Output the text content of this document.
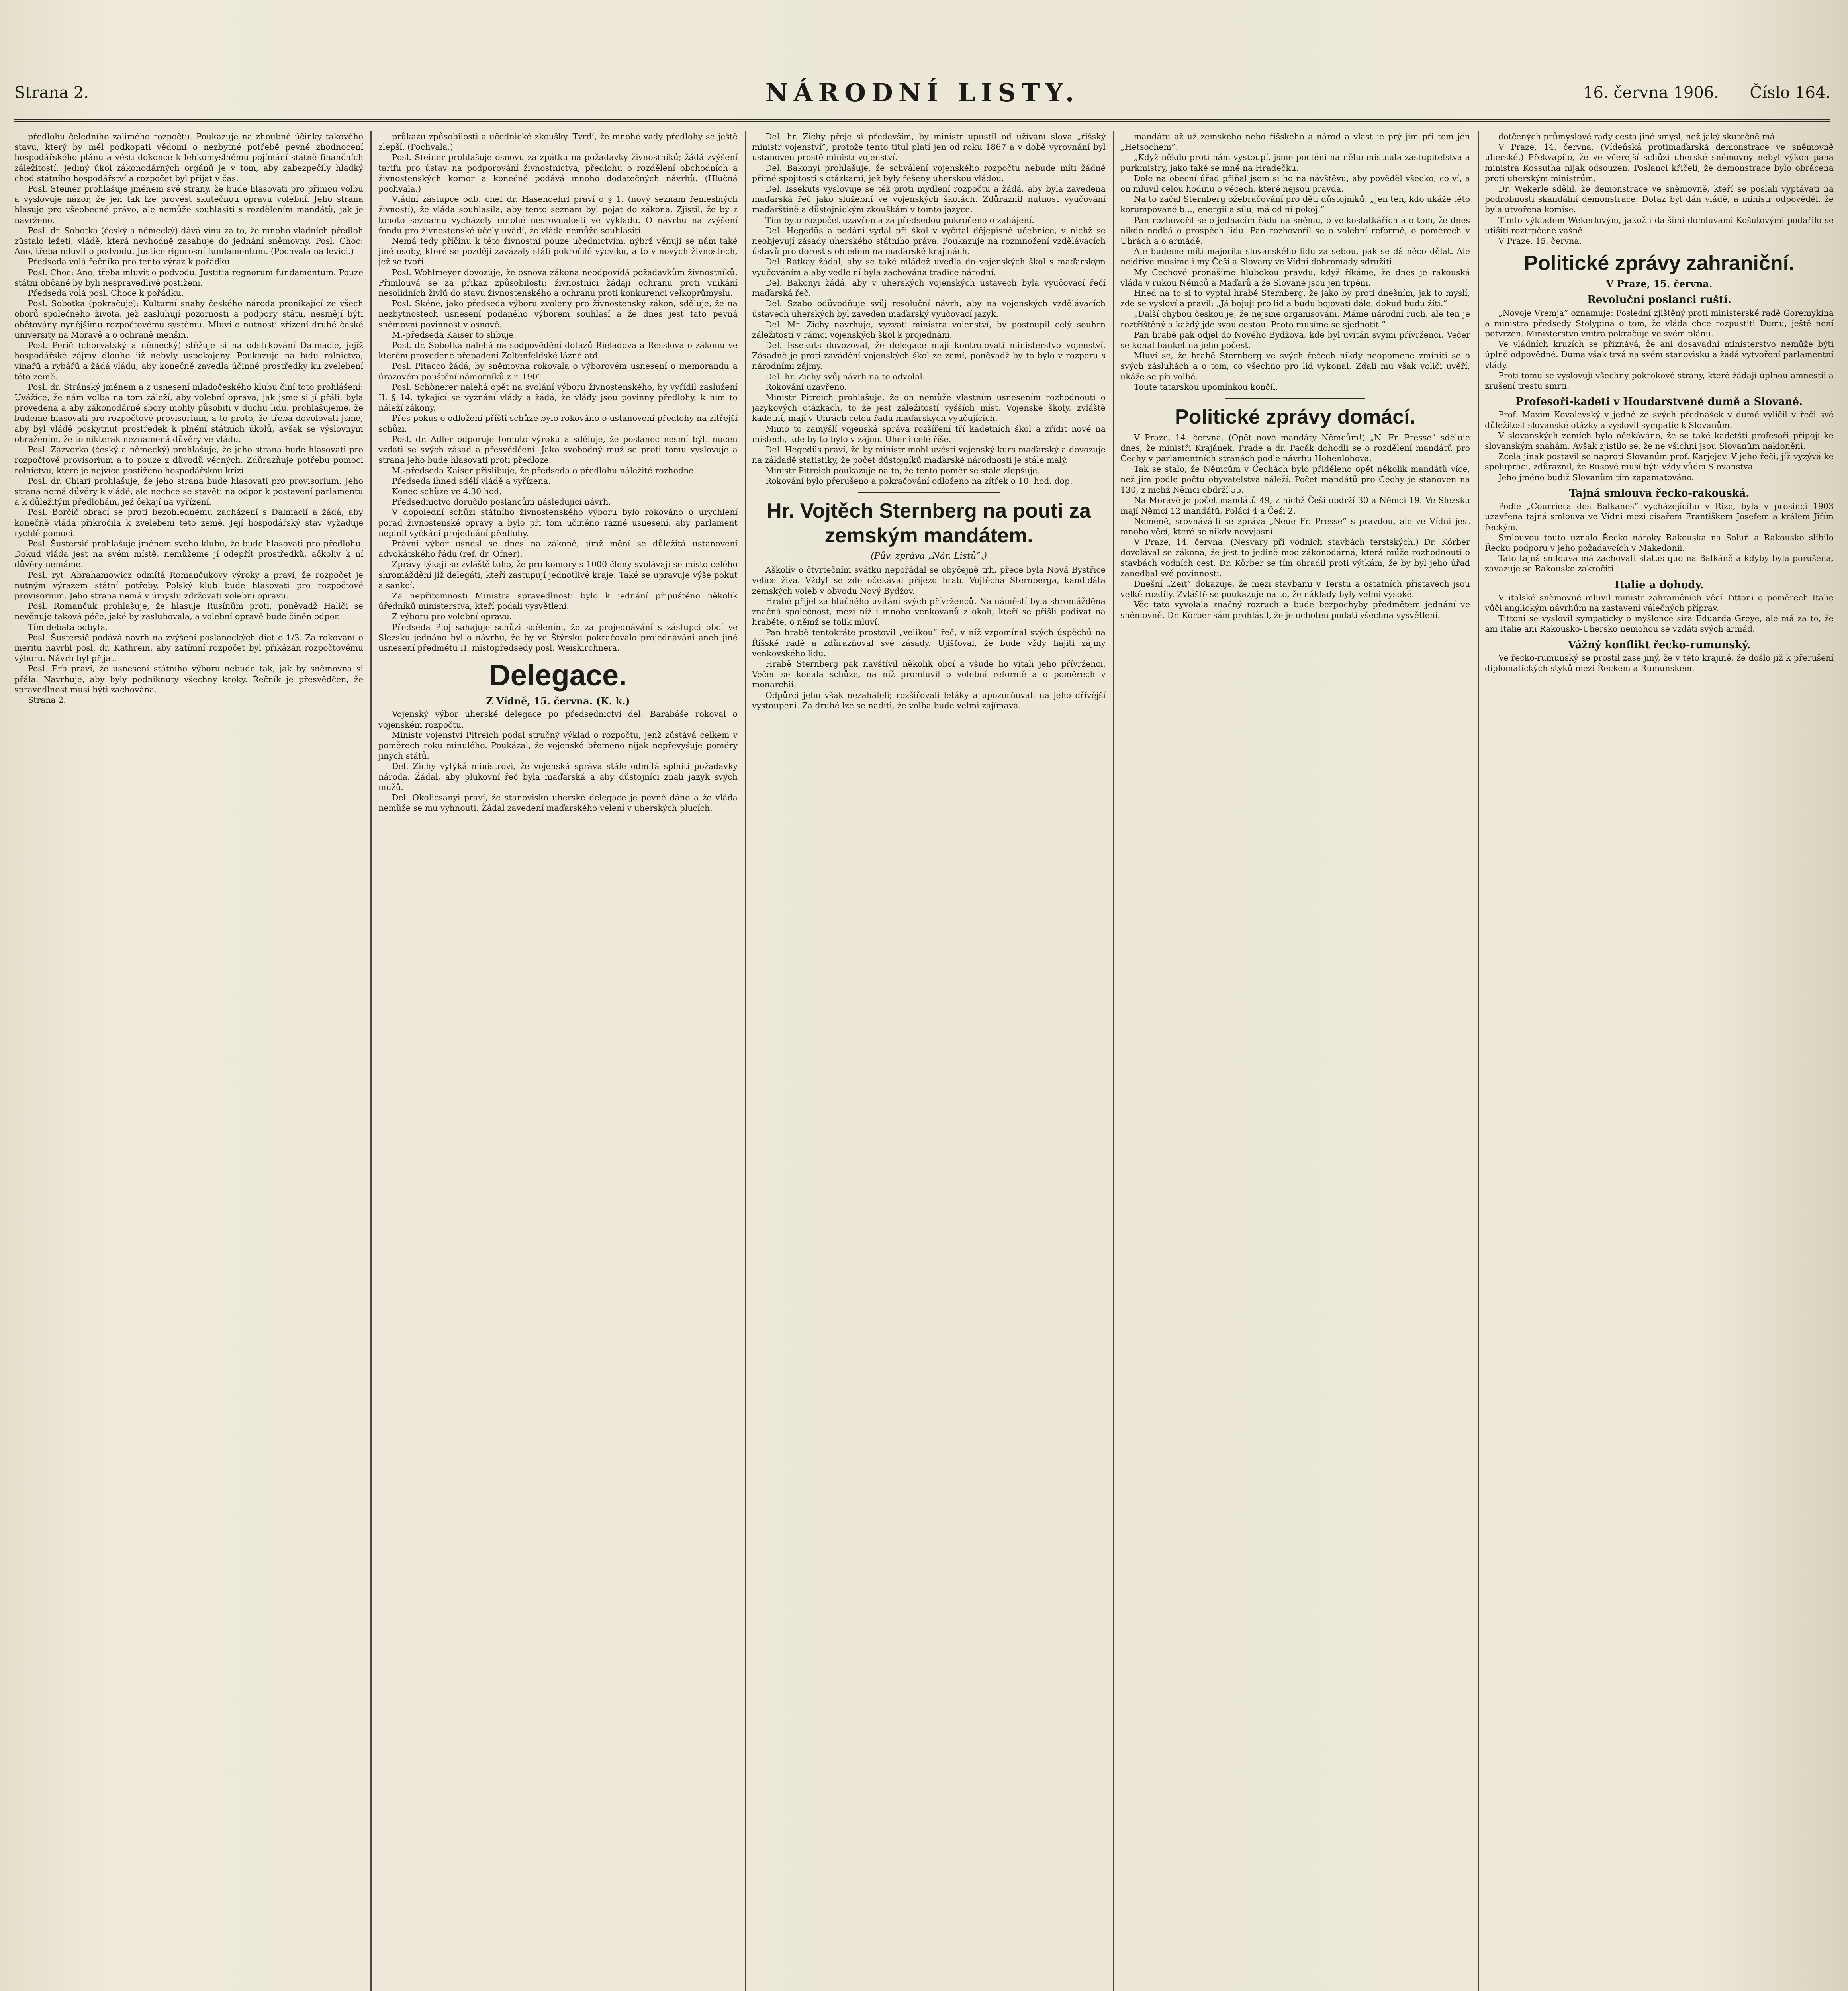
Strana 2.	NÁRODNÍ LISTY.	16. června 1906. Číslo 164.

předlohu čeledního zalimého rozpočtu. Poukazuje na zhoubné účinky takového stavu, který by měl podkopati vědomí o nezbytné potřebě pevné zhodnocení hospodářského plánu a vésti dokonce k lehkomyslnému pojímání státně finančních záležitostí. Jediný úkol zákonodárných orgánů je v tom, aby zabezpečily hladký chod státního hospodářství a rozpočet byl přijat v čas.

Posl. Steiner prohlašuje jménem své strany, že bude hlasovati pro přímou volbu a vyslovuje názor, že jen tak lze provést skutečnou opravu volební. Jeho strana hlasuje pro všeobecné právo, ale nemůže souhlasiti s rozdělením mandátů, jak je navrženo.

Posl. dr. Sobotka (český a německý) dává vinu za to, že mnoho vládních předloh zůstalo ležeti, vládě, která nevhodně zasahuje do jednání sněmovny. Posl. Choc: Ano, třeba mluvit o podvodu. Justice rigorosní fundamentum. (Pochvala na levici.)

Předseda volá řečníka pro tento výraz k pořádku.

Posl. Choc: Ano, třeba mluvit o podvodu. Justitia regnorum fundamentum. Pouze státní občané by byli nespravedlivě postiženi.

Předseda volá posl. Choce k pořádku.

Posl. Sobotka (pokračuje): Kulturní snahy českého národa pronikající ze všech oborů společného života, jež zasluhují pozornosti a podpory státu, nesmějí býti obětovány nynějšímu rozpočtovému systému. Mluví o nutnosti zřízení druhé české university na Moravě a o ochraně menšin.

Posl. Perič (chorvatský a německý) stěžuje si na odstrkování Dalmacie, jejíž hospodářské zájmy dlouho již nebyly uspokojeny. Poukazuje na bídu rolnictva, vinařů a rybářů a žádá vládu, aby konečně zavedla účinné prostředky ku zvelebení této země.

Posl. dr. Stránský jménem a z usnesení mladočeského klubu činí toto prohlášení: Uvážíce, že nám volba na tom záleží, aby volební oprava, jak jsme si jí přáli, byla provedena a aby zákonodárné sbory mohly působiti v duchu lidu, prohlašujeme, že budeme hlasovati pro rozpočtové provisorium, a to proto, že třeba dovolovati jsme, aby byl vládě poskytnut prostředek k plnění státních úkolů, avšak se výslovným ohražením, že to nikterak neznamená důvěry ve vládu.

Posl. Zázvorka (český a německý) prohlašuje, že jeho strana bude hlasovati pro rozpočtové provisorium a to pouze z důvodů věcných. Zdůrazňuje potřebu pomoci rolnictvu, které je nejvíce postiženo hospodářskou krizí.

Posl. dr. Chiari prohlašuje, že jeho strana bude hlasovati pro provisorium. Jeho strana nemá důvěry k vládě, ale nechce se stavěti na odpor k postavení parlamentu a k důležitým předlohám, jež čekají na vyřízení.

Posl. Borčič obrací se proti bezohlednému zacházení s Dalmacií a žádá, aby konečně vláda přikročila k zvelebení této země. Její hospodářský stav vyžaduje rychlé pomoci.

Posl. Šustersič prohlašuje jménem svého klubu, že bude hlasovati pro předlohu. Dokud vláda jest na svém místě, nemůžeme jí odepřít prostředků, ačkoliv k ní důvěry nemáme.

Posl. ryt. Abrahamowicz odmítá Romančukovy výroky a praví, že rozpočet je nutným výrazem státní potřeby. Polský klub bude hlasovati pro rozpočtové provisorium. Jeho strana nemá v úmyslu zdržovati volební opravu.

Posl. Romančuk prohlašuje, že hlasuje Rusínům proti, poněvadž Haliči se nevěnuje taková péče, jaké by zasluhovala, a volební opravě bude činěn odpor.

Tím debata odbyta.

Posl. Šustersič podává návrh na zvýšení poslaneckých diet o 1/3. Za rokování o meritu navrhl posl. dr. Kathrein, aby zatímní rozpočet byl přikázán rozpočtovému výboru. Návrh byl přijat.

Posl. Erb praví, že usnesení státního výboru nebude tak, jak by sněmovna si přála. Navrhuje, aby byly podniknuty všechny kroky. Řečník je přesvědčen, že spravedlnost musí býti zachována.

Strana 2.

průkazu způsobilosti a učednické zkoušky. Tvrdí, že mnohé vady předlohy se ještě zlepší. (Pochvala.)

Posl. Steiner prohlašuje osnovu za zpátku na požadavky živnostníků; žádá zvýšení tarifu pro ústav na podporování živnostnictva, předlohu o rozdělení obchodních a živnostenských komor a konečně podává mnoho dodatečných návrhů. (Hlučná pochvala.)

Vládní zástupce odb. chef dr. Hasenoehrl praví o § 1. (nový seznam řemeslných živností), že vláda souhlasila, aby tento seznam byl pojat do zákona. Zjistil, že by z tohoto seznamu vycházely mnohé nesrovnalosti ve výkladu. O návrhu na zvýšení fondu pro živnostenské účely uvádí, že vláda nemůže souhlasiti.

Nemá tedy příčinu k této živnostní pouze učednictvím, nýbrž věnují se nám také jiné osoby, které se později zavázaly stáli pokročilé výcviku, a to v nových živnostech, jež se tvoří.

Posl. Wohlmeyer dovozuje, že osnova zákona neodpovídá požadavkům živnostníků. Přimlouvá se za přikaz způsobilosti; živnostníci žádají ochranu proti vnikání nesolidních živlů do stavu živnostenského a ochranu proti konkurenci velkoprůmyslu.

Posl. Skéne, jako předseda výboru zvolený pro živnostenský zákon, sděluje, že na nezbytnostech usnesení podaného výborem souhlasí a že dnes jest tato pevná sněmovní povinnost v osnově.

M.-předseda Kaiser to slibuje.

Posl. dr. Sobotka nalehá na sodpovědění dotazů Rieladova a Resslova o zákonu ve kterém provedené přepadení Zoltenfeldské lázně atd.

Posl. Pitacco žádá, by sněmovna rokovala o výborovém usnesení o memorandu a úrazovém pojištění námořníků z r. 1901.

Posl. Schönerer nalehá opět na svolání výboru živnostenského, by vyřídil zaslužení II. § 14. týkající se vyznání vlády a žádá, že vlády jsou povinny předlohy, k nim to náleží zákony.

Přes pokus o odložení příští schůze bylo rokováno o ustanovení předlohy na zítřejší schůzi.

Posl. dr. Adler odporuje tomuto výroku a sděluje, že poslanec nesmí býti nucen vzdáti se svých zásad a přesvědčení. Jako svobodný muž se proti tomu vyslovuje a strana jeho bude hlasovati proti předloze.

M.-předseda Kaiser přislibuje, že předseda o předlohu náležité rozhodne.

Předseda ihned sdělí vládě a vyřízena.

Konec schůze ve 4.30 hod.

Předsednictvo doručilo poslancům následující návrh.

V dopolední schůzi státního živnostenského výboru bylo rokováno o urychlení porad živnostenské opravy a bylo při tom učiněno rázné usnesení, aby parlament neplnil vyčkání projednání předlohy.

Právní výbor usnesl se dnes na zákoně, jímž mění se důležitá ustanovení advokátského řádu (ref. dr. Ofner).

Zprávy týkají se zvláště toho, že pro komory s 1000 členy svolávají se místo celého shromáždění již delegáti, kteří zastupují jednotlivé kraje. Také se upravuje výše pokut a sankcí.

Za nepřítomnosti Ministra spravedlnosti bylo k jednání připuštěno několik úředníků ministerstva, kteří podali vysvětlení.

Z výboru pro volební opravu.

Předseda Ploj sahajuje schůzi sdělením, že za projednávání s zástupci obcí ve Slezsku jednáno byl o návrhu, že by ve Štýrsku pokračovalo projednávání aneb jiné usnesení předmětu II. místopředsedy posl. Weiskirchnera.

Delegace.
Z Vídně, 15. června. (K. k.)

Vojenský výbor uherské delegace po předsednictví del. Barabáše rokoval o vojenském rozpočtu.

Ministr vojenství Pitreich podal stručný výklad o rozpočtu, jenž zůstává celkem v poměrech roku minulého. Poukázal, že vojenské břemeno nijak nepřevyšuje poměry jiných států.

Del. Zichy vytýká ministrovi, že vojenská správa stále odmítá splniti požadavky národa. Žádal, aby plukovní řeč byla maďarská a aby důstojníci znali jazyk svých mužů.

Del. Okolicsanyi praví, že stanovisko uherské delegace je pevně dáno a že vláda nemůže se mu vyhnouti. Žádal zavedení maďarského velení v uherských plucích.

Del. hr. Zichy přeje si především, by ministr upustil od užívání slova „říšský ministr vojenství”, protože tento titul platí jen od roku 1867 a v době vyrovnání byl ustanoven prostě ministr vojenství.

Del. Bakonyi prohlašuje, že schválení vojenského rozpočtu nebude míti žádné přímé spojitosti s otázkami, jež byly řešeny uherskou vládou.

Del. Issekuts vyslovuje se též proti mydlení rozpočtu a žádá, aby byla zavedena maďarská řeč jako služební ve vojenských školách. Zdůraznil nutnost vyučování maďarštině a důstojnickým zkouškám v tomto jazyce.

Tím bylo rozpočet uzavřen a za předsedou pokročeno o zahájení.

Del. Hegedüs a podání vydal při škol v vyčítal dějepisné učebnice, v nichž se neobjevují zásady uherského státního práva. Poukazuje na rozmnožení vzdělávacích ústavů pro dorost s ohledem na maďarské krajinách.

Del. Rátkay žádal, aby se také mládež uvedla do vojenských škol s maďarským vyučováním a aby vedle ní byla zachována tradice národní.

Del. Bakonyi žádá, aby v uherských vojenských ústavech byla vyučovací řečí maďarská řeč.

Del. Szabo odůvodňuje svůj resoluční návrh, aby na vojenských vzdělávacích ústavech uherských byl zaveden maďarský vyučovací jazyk.

Del. Mr. Zichy navrhuje, vyzvati ministra vojenství, by postoupil celý souhrn záležitostí v rámci vojenských škol k projednání.

Del. Issekuts dovozoval, že delegace mají kontrolovati ministerstvo vojenství. Zásadně je proti zavádění vojenských škol ze zemí, poněvadž by to bylo v rozporu s národními zájmy.

Del. hr. Zichy svůj návrh na to odvolal.

Rokování uzavřeno.

Ministr Pitreich prohlašuje, že on nemůže vlastním usnesením rozhodnouti o jazykových otázkách, to že jest záležitostí vyšších míst. Vojenské školy, zvláště kadetní, mají v Uhrách celou řadu maďarských vyučujících.

Mimo to zamýšlí vojenská správa rozšíření tří kadetních škol a zřídit nové na místech, kde by to bylo v zájmu Uher i celé říše.

Del. Hegedüs praví, že by ministr mohl uvésti vojenský kurs maďarský a dovozuje na základě statistiky, že počet důstojníků maďarské národnosti je stále malý.

Ministr Pitreich poukazuje na to, že tento poměr se stále zlepšuje.

Rokování bylo přerušeno a pokračování odloženo na zítřek o 10. hod. dop.

Hr. Vojtěch Sternberg na pouti za zemským mandátem.
(Pův. zpráva „Nár. Listů”.)

Aškolív o čtvrtečním svátku nepořádal se obyčejně trh, přece byla Nová Bystřice velice živa. Vždyť se zde očekával příjezd hrab. Vojtěcha Sternberga, kandidáta zemských voleb v obvodu Nový Bydžov.

Hrabě přijel za hlučného uvítání svých přívrženců. Na náměstí byla shromážděna značná společnost, mezi níž i mnoho venkovanů z okolí, kteří se přišli podívat na hraběte, o němž se tolik mluví.

Pan hrabě tentokráte prostovil „velikou” řeč, v níž vzpomínal svých úspěchů na Říšské radě a zdůrazňoval své zásady. Ujišťoval, že bude vždy hájiti zájmy venkovského lidu.

Hrabě Sternberg pak navštívil několik obcí a všude ho vítali jeho přívrženci. Večer se konala schůze, na níž promluvil o volební reformě a o poměrech v monarchii.

Odpůrci jeho však nezaháleli; rozšiřovali letáky a upozorňovali na jeho dřívější vystoupení. Za druhé lze se nadíti, že volba bude velmi zajímavá.

mandátu až už zemského nebo říšského a národ a vlast je prý jim při tom jen „Hetsochem”.

„Když někdo proti nám vystoupí, jsme poctěni na něho mistnala zastupitelstva a purkmistry, jako také se mně na Hradečku.

Dole na obecní úřad přiňal jsem si ho na návštěvu, aby pověděl všecko, co ví, a on mluvil celou hodinu o věcech, které nejsou pravda.

Na to začal Sternberg ožebračování pro děti důstojníků: „Jen ten, kdo ukáže této korumpované b..., energii a sílu, má od ní pokoj.”

Pan rozhovořil se o jednacím řádu na sněmu, o velkostatkářích a o tom, že dnes nikdo nedbá o prospěch lidu. Pan rozhovořil se o volební reformě, o poměrech v Uhrách a o armádě.

Ale budeme míti majoritu slovanského lidu za sebou, pak se dá něco dělat. Ale nejdříve musíme i my Češi a Slovany ve Vídni dohromady sdružiti.

My Čechové pronášíme hlubokou pravdu, když říkáme, že dnes je rakouská vláda v rukou Němců a Maďarů a že Slované jsou jen trpěni.

Hned na to si to vyptal hrabě Sternberg, že jako by proti dnešním, jak to myslí, zde se vysloví a pravil: „Já bojuji pro lid a budu bojovati dále, dokud budu žíti.”

„Další chybou českou je, že nejsme organisováni. Máme národní ruch, ale ten je roztříštěný a každý jde svou cestou. Proto musíme se sjednotit.”

Pan hrabě pak odjel do Nového Bydžova, kde byl uvítán svými přívrženci. Večer se konal banket na jeho počest.

Mluví se, že hrabě Sternberg ve svých řečech nikdy neopomene zmíniti se o svých zásluhách a o tom, co všechno pro lid vykonal. Zdali mu však voliči uvěří, ukáže se při volbě.

Toute tatarskou upomínkou končil.

Politické zprávy domácí.

V Praze, 14. června. (Opět nové mandáty Němcům!) „N. Fr. Presse” sděluje dnes, že ministři Krajánek, Prade a dr. Pacák dohodli se o rozdělení mandátů pro Čechy v parlamentních stranách podle návrhu Hohenlohova.

Tak se stalo, že Němcům v Čechách bylo přiděleno opět několik mandátů více, než jim podle počtu obyvatelstva náleží. Počet mandátů pro Čechy je stanoven na 130, z nichž Němci obdrží 55.

Na Moravě je počet mandátů 49, z nichž Češi obdrží 30 a Němci 19. Ve Slezsku mají Němci 12 mandátů, Poláci 4 a Češi 2.

Neméně, srovnává-li se zpráva „Neue Fr. Presse” s pravdou, ale ve Vídni jest mnoho věcí, které se nikdy nevyjasní.

V Praze, 14. června. (Nesvary při vodních stavbách terstských.) Dr. Körber dovolával se zákona, že jest to jedině moc zákonodárná, která může rozhodnouti o stavbách vodních cest. Dr. Körber se tím ohradil proti výtkám, že by byl jeho úřad zanedbal své povinnosti.

Dnešní „Zeit” dokazuje, že mezi stavbami v Terstu a ostatních přístavech jsou velké rozdíly. Zvláště se poukazuje na to, že náklady byly velmi vysoké.

Věc tato vyvolala značný rozruch a bude bezpochyby předmětem jednání ve sněmovně. Dr. Körber sám prohlásil, že je ochoten podati všechna vysvětlení.

dotčených průmyslové rady cesta jiné smysl, než jaký skutečně má.

V Praze, 14. června. (Vídeňská protimaďarská demonstrace ve sněmovně uherské.) Překvapilo, že ve včerejší schůzi uherské sněmovny nebyl výkon pana ministra Kossutha nijak odsouzen. Poslanci křičeli, že demonstrace bylo obrácena proti uherským ministrům.

Dr. Wekerle sdělil, že demonstrace ve sněmovně, kteří se poslali vyptávati na podrobnosti skandální demonstrace. Dotaz byl dán vládě, a ministr odpověděl, že byla utvořena komise.

Tímto výkladem Wekerlovým, jakož i dalšími domluvami Košutovými podařilo se utišiti roztrpčené vášně.

V Praze, 15. června.

Politické zprávy zahraniční.
V Praze, 15. června.
Revoluční poslanci ruští.

„Novoje Vremja” oznamuje: Poslední zjištěný proti ministerské radě Goremykina a ministra předsedy Stolypina o tom, že vláda chce rozpustiti Dumu, ještě není potvrzen. Ministerstvo vnitra pokračuje ve svém plánu.

Ve vládních kruzích se přiznává, že ani dosavadní ministerstvo nemůže býti úplně odpovědné. Duma však trvá na svém stanovisku a žádá vytvoření parlamentní vlády.

Proti tomu se vyslovují všechny pokrokové strany, které žádají úplnou amnestii a zrušení trestu smrti.

Profesoři-kadeti v Houdarstvené dumě a Slované.

Prof. Maxim Kovalevský v jedné ze svých přednášek v dumě vylíčil v řeči své důležitost slovanské otázky a vyslovil sympatie k Slovanům.

V slovanských zemích bylo očekáváno, že se také kadetští profesoři připojí ke slovanským snahám. Avšak zjistilo se, že ne všichni jsou Slovanům nakloněni.

Zcela jinak postavil se naproti Slovanům prof. Karjejev. V jeho řeči, jíž vyzývá ke spolupráci, zdůraznil, že Rusové musí býti vždy vůdci Slovanstva.

Jeho jméno budiž Slovanům tím zapamatováno.

Tajná smlouva řecko-rakouská.

Podle „Courriera des Balkanes” vycházejícího v Rize, byla v prosinci 1903 uzavřena tajná smlouva ve Vídni mezi císařem Františkem Josefem a králem Jiřím řeckým.

Smlouvou touto uznalo Řecko nároky Rakouska na Soluň a Rakousko slíbilo Řecku podporu v jeho požadavcích v Makedonii.

Tato tajná smlouva má zachovati status quo na Balkáně a kdyby byla porušena, zavazuje se Rakousko zakročiti.

Italie a dohody.

V italské sněmovně mluvil ministr zahraničních věcí Tittoni o poměrech Italie vůči anglickým návrhům na zastavení válečných příprav.

Tittoni se vyslovil sympaticky o myšlence sira Eduarda Greye, ale má za to, že ani Italie ani Rakousko-Uhersko nemohou se vzdáti svých armád.

Vážný konflikt řecko-rumunský.

Ve řecko-rumunský se prostil zase jiný, že v této krajině, že došlo již k přerušení diplomatických styků mezi Řeckem a Rumunskem.
